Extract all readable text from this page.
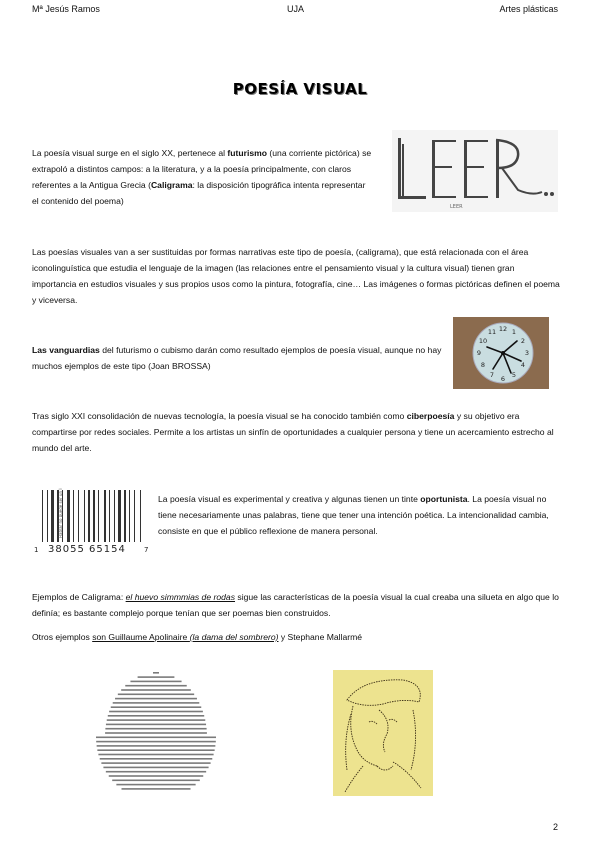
Mª Jesús Ramos	UJA	Artes plásticas
POESÍA VISUAL
La poesía visual surge en el siglo XX, pertenece al futurismo (una corriente pictórica) se extrapoló a distintos campos: a la literatura, y a la poesía principalmente, con claros referentes a la Antigua Grecia (Caligrama: la disposición tipográfica intenta representar el contenido del poema)
LEER
Las poesías visuales van a ser sustituidas por formas narrativas este tipo de poesía, (caligrama), que está relacionada con el área iconolinguística que estudia el lenguaje de la imagen (las relaciones entre el pensamiento visual y la cultura visual) tienen gran importancia en estudios visuales y sus propios usos como la pintura, fotografía, cine… Las imágenes o formas pictóricas definen el poema y viceversa.
Las vanguardias del futurismo o cubismo darán como resultado ejemplos de poesía visual, aunque no hay muchos ejemplos de este tipo (Joan BROSSA)
12 1
2
3
4
5
6
7
8
9
10
11
Tras siglo XXI consolidación de nuevas tecnología, la poesía visual se ha conocido también como ciberpoesía y su objetivo era compartirse por redes sociales. Permite a los artistas un sinfín de oportunidades a cualquier persona y tiene un acercamiento estrecho al mundo del arte.
1 38055 65154	7
Hablar no puede ser un lujo	La poesía visual es experimental y creativa y algunas tienen un tinte oportunista. La poesía visual no tiene necesariamente unas palabras, tiene que tener una intención poética. La intencionalidad cambia, consiste en que el público reflexione de manera personal.
Ejemplos de Caligrama: el huevo simmmias de rodas sigue las características de la poesía visual la cual creaba una silueta en algo que lo definía; es bastante complejo porque tenían que ser poemas bien construidos.
Otros ejemplos son Guillaume Apolinaire (la dama del sombrero) y Stephane Mallarmé
2
